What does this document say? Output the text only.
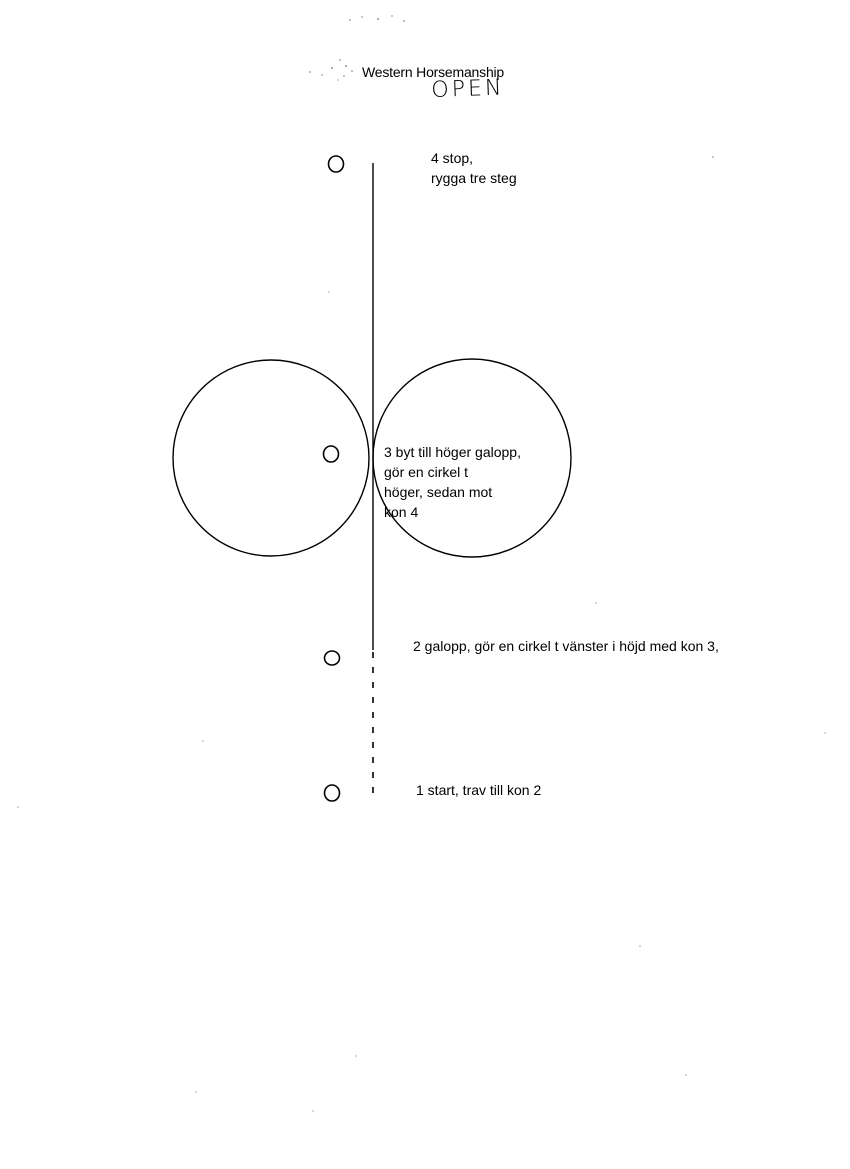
Western Horsemanship
OPEN
4 stop,
rygga tre steg
3 byt till höger galopp,
gör en cirkel t
höger, sedan mot
kon 4
2 galopp, gör en cirkel t vänster i höjd med kon 3,
1 start, trav till kon 2
